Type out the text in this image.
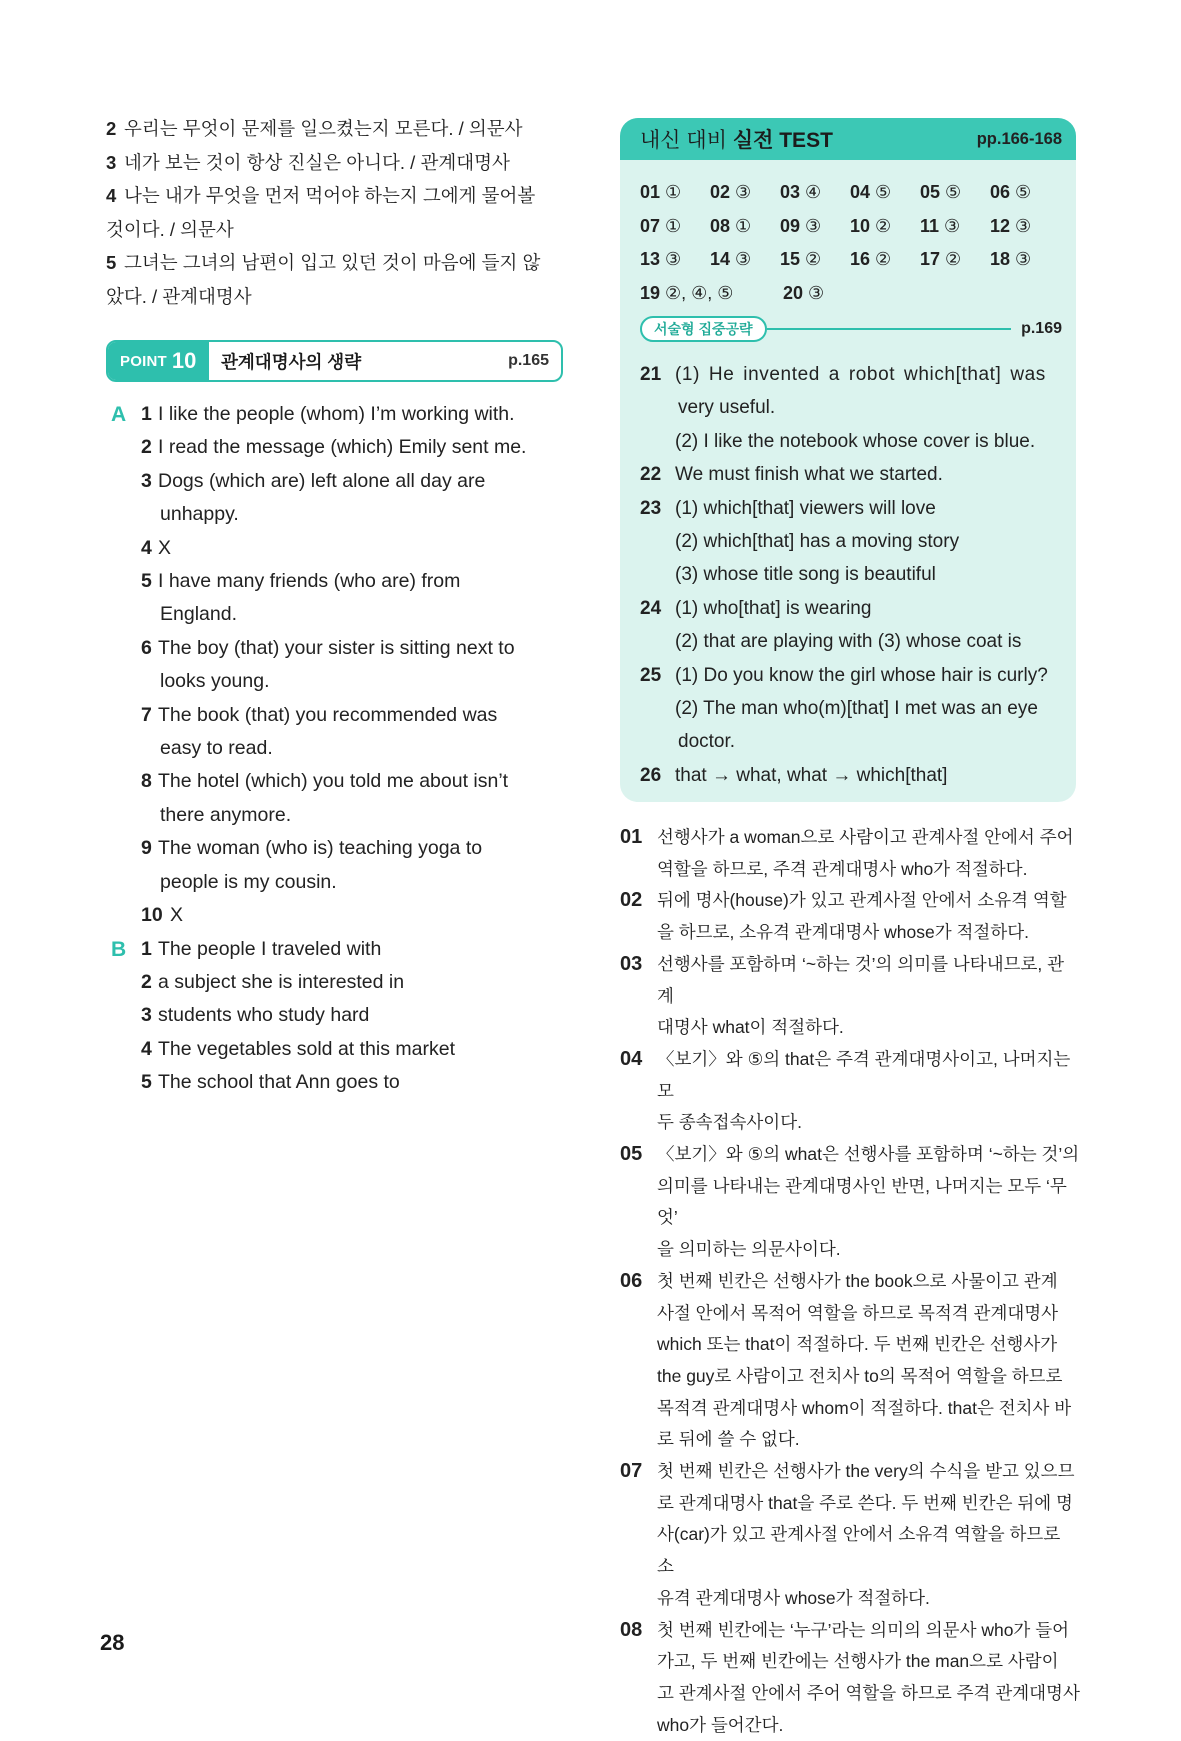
2 우리는 무엇이 문제를 일으켰는지 모른다. / 의문사
3 네가 보는 것이 항상 진실은 아니다. / 관계대명사
4 나는 내가 무엇을 먼저 먹어야 하는지 그에게 물어볼
것이다. / 의문사
5 그녀는 그녀의 남편이 입고 있던 것이 마음에 들지 않
았다. / 관계대명사
POINT 10 관계대명사의 생략	p.165
A 1 I like the people (whom) I’m working with.
2 I read the message (which) Emily sent me.
3 Dogs (which are) left alone all day are
unhappy.
4 X
5 I have many friends (who are) from
England.
6 The boy (that) your sister is sitting next to
looks young.
7 The book (that) you recommended was
easy to read.
8 The hotel (which) you told me about isn’t
there anymore.
9 The woman (who is) teaching yoga to
people is my cousin.
10 X
B 1 The people I traveled with
2 a subject she is interested in
3 students who study hard
4 The vegetables sold at this market
5 The school that Ann goes to
내신 대비 실전 TEST	pp.166-168
01 ①	02 ③	03 ④	04 ⑤	05 ⑤	06 ⑤
07 ①	08 ①	09 ③	10 ②	11 ③	12 ③
13 ③	14 ③	15 ②	16 ②	17 ②	18 ③
19 ②, ④, ⑤	20 ③
서술형 집중공략	p.169
21 (1) He invented a robot which[that] was
very useful.
(2) I like the notebook whose cover is blue.
22 We must finish what we started.
23 (1) which[that] viewers will love
(2) which[that] has a moving story
(3) whose title song is beautiful
24 (1) who[that] is wearing
(2) that are playing with (3) whose coat is
25 (1) Do you know the girl whose hair is curly?
(2) The man who(m)[that] I met was an eye
doctor.
26 that → what, what → which[that]
01 선행사가 a woman으로 사람이고 관계사절 안에서 주어
역할을 하므로, 주격 관계대명사 who가 적절하다.
02 뒤에 명사(house)가 있고 관계사절 안에서 소유격 역할
을 하므로, 소유격 관계대명사 whose가 적절하다.
03 선행사를 포함하며 ‘~하는 것’의 의미를 나타내므로, 관계
대명사 what이 적절하다.
04 〈보기〉와 ⑤의 that은 주격 관계대명사이고, 나머지는 모
두 종속접속사이다.
05 〈보기〉와 ⑤의 what은 선행사를 포함하며 ‘~하는 것’의
의미를 나타내는 관계대명사인 반면, 나머지는 모두 ‘무엇’
을 의미하는 의문사이다.
06 첫 번째 빈칸은 선행사가 the book으로 사물이고 관계
사절 안에서 목적어 역할을 하므로 목적격 관계대명사
which 또는 that이 적절하다. 두 번째 빈칸은 선행사가
the guy로 사람이고 전치사 to의 목적어 역할을 하므로
목적격 관계대명사 whom이 적절하다. that은 전치사 바
로 뒤에 쓸 수 없다.
07 첫 번째 빈칸은 선행사가 the very의 수식을 받고 있으므
로 관계대명사 that을 주로 쓴다. 두 번째 빈칸은 뒤에 명
사(car)가 있고 관계사절 안에서 소유격 역할을 하므로 소
유격 관계대명사 whose가 적절하다.
08 첫 번째 빈칸에는 ‘누구’라는 의미의 의문사 who가 들어
가고, 두 번째 빈칸에는 선행사가 the man으로 사람이
고 관계사절 안에서 주어 역할을 하므로 주격 관계대명사
who가 들어간다.
28
